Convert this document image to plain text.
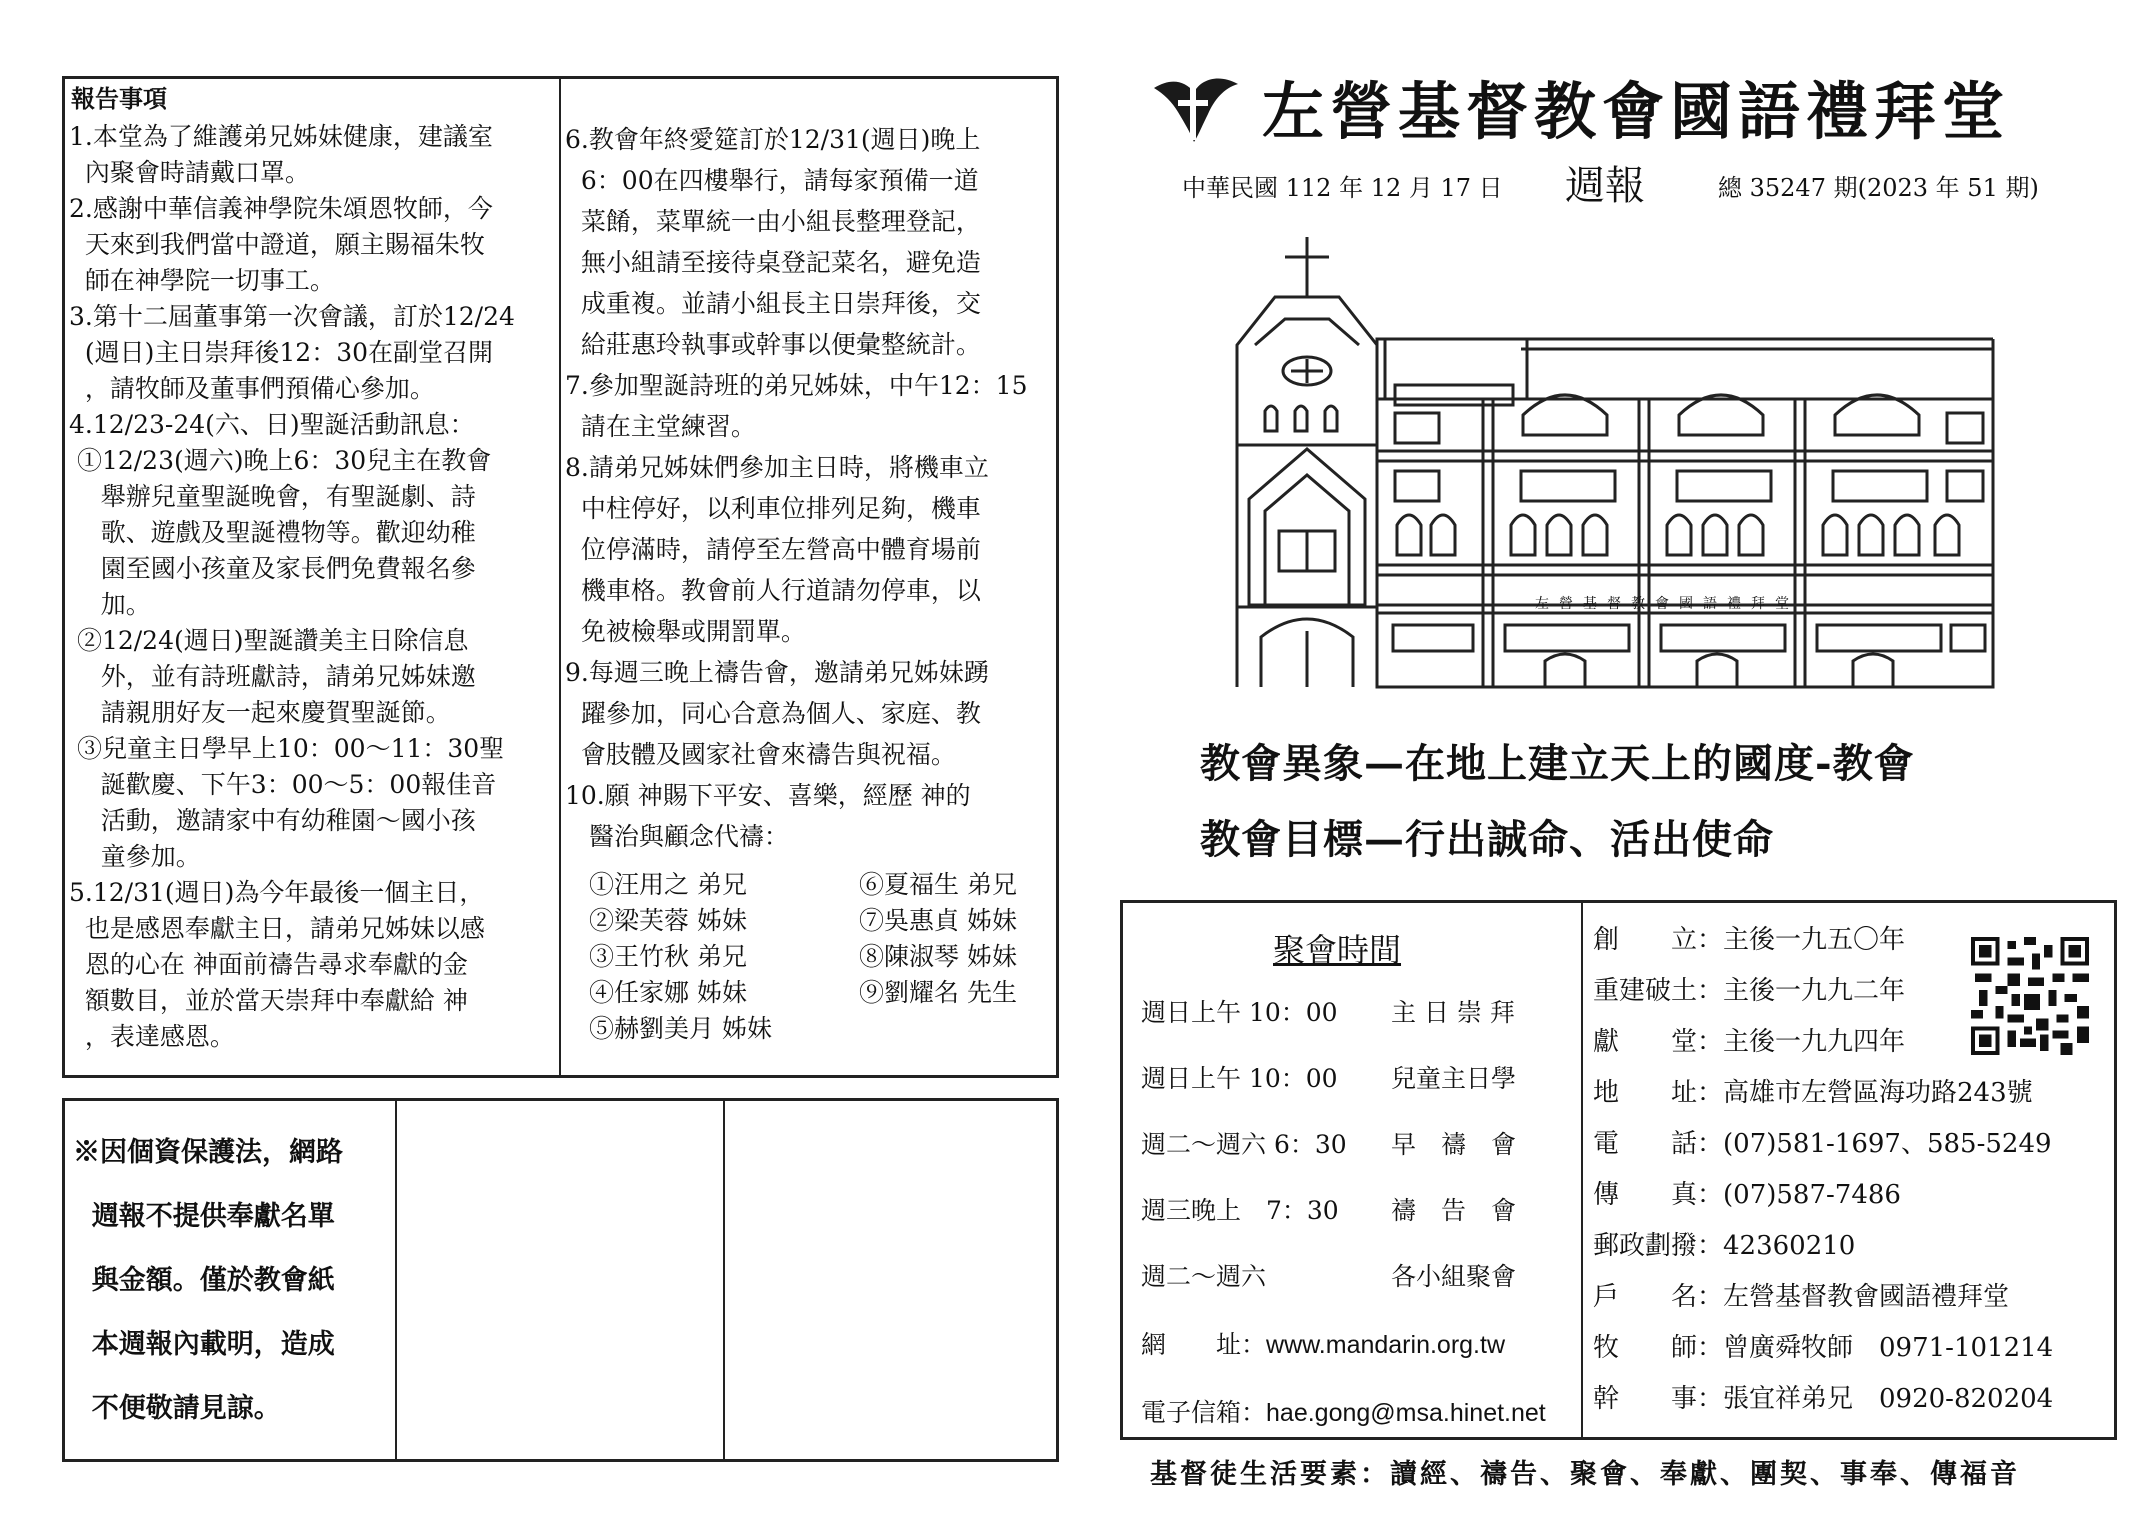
報告事項
1.本堂為了維護弟兄姊妹健康，建議室
內聚會時請戴口罩。
2.感謝中華信義神學院朱頌恩牧師，今
天來到我們當中證道，願主賜福朱牧
師在神學院一切事工。
3.第十二屆董事第一次會議，訂於12/24
(週日)主日崇拜後12：30在副堂召開
，請牧師及董事們預備心參加。
4.12/23-24(六、日)聖誕活動訊息：
①12/23(週六)晚上6：30兒主在教會
舉辦兒童聖誕晚會，有聖誕劇、詩
歌、遊戲及聖誕禮物等。歡迎幼稚
園至國小孩童及家長們免費報名參
加。
②12/24(週日)聖誕讚美主日除信息
外，並有詩班獻詩，請弟兄姊妹邀
請親朋好友一起來慶賀聖誕節。
③兒童主日學早上10：00～11：30聖
誕歡慶、下午3：00～5：00報佳音
活動，邀請家中有幼稚園～國小孩
童參加。
5.12/31(週日)為今年最後一個主日，
也是感恩奉獻主日，請弟兄姊妹以感
恩的心在 神面前禱告尋求奉獻的金
額數目，並於當天崇拜中奉獻給 神
，表達感恩。
6.教會年終愛筵訂於12/31(週日)晚上
6：00在四樓舉行，請每家預備一道
菜餚，菜單統一由小組長整理登記，
無小組請至接待桌登記菜名，避免造
成重複。並請小組長主日崇拜後，交
給莊惠玲執事或幹事以便彙整統計。
7.參加聖誕詩班的弟兄姊妹，中午12：15
請在主堂練習。
8.請弟兄姊妹們參加主日時，將機車立
中柱停好，以利車位排列足夠，機車
位停滿時，請停至左營高中體育場前
機車格。教會前人行道請勿停車，以
免被檢舉或開罰單。
9.每週三晚上禱告會，邀請弟兄姊妹踴
躍參加，同心合意為個人、家庭、教
會肢體及國家社會來禱告與祝福。
10.願 神賜下平安、喜樂，經歷 神的
醫治與顧念代禱：
①汪用之 弟兄	⑥夏福生 弟兄
②梁芙蓉 姊妹	⑦吳惠貞 姊妹
③王竹秋 弟兄	⑧陳淑琴 姊妹
④任家娜 姊妹	⑨劉耀名 先生
⑤赫劉美月 姊妹
※因個資保護法，網路
週報不提供奉獻名單
與金額。僅於教會紙
本週報內載明，造成
不便敬請見諒。
左營基督教會國語禮拜堂
中華民國 112 年 12 月 17 日 週報	總 35247 期(2023 年 51 期)
左營基督教會國語禮拜堂
教會異象—在地上建立天上的國度-教會
教會目標—行出誠命、活出使命
聚會時間
週日上午 10：00 主 日 崇 拜
週日上午 10：00 兒童主日學
週二～週六 6：30 早　禱　會
週三晚上　7：30 禱　告　會
週二～週六	各小組聚會
網　　址：www.mandarin.org.tw
電子信箱：hae.gong@msa.hinet.net
創　　立：主後一九五〇年
重建破土：主後一九九二年
獻　　堂：主後一九九四年
地　　址：高雄市左營區海功路243號
電　　話：(07)581-1697、585-5249
傳　　真：(07)587-7486
郵政劃撥：42360210
戶　　名：左營基督教會國語禮拜堂
牧　　師：曾廣舜牧師　0971-101214
幹　　事：張宜祥弟兄　0920-820204
基督徒生活要素：讀經、禱告、聚會、奉獻、團契、事奉、傳福音
